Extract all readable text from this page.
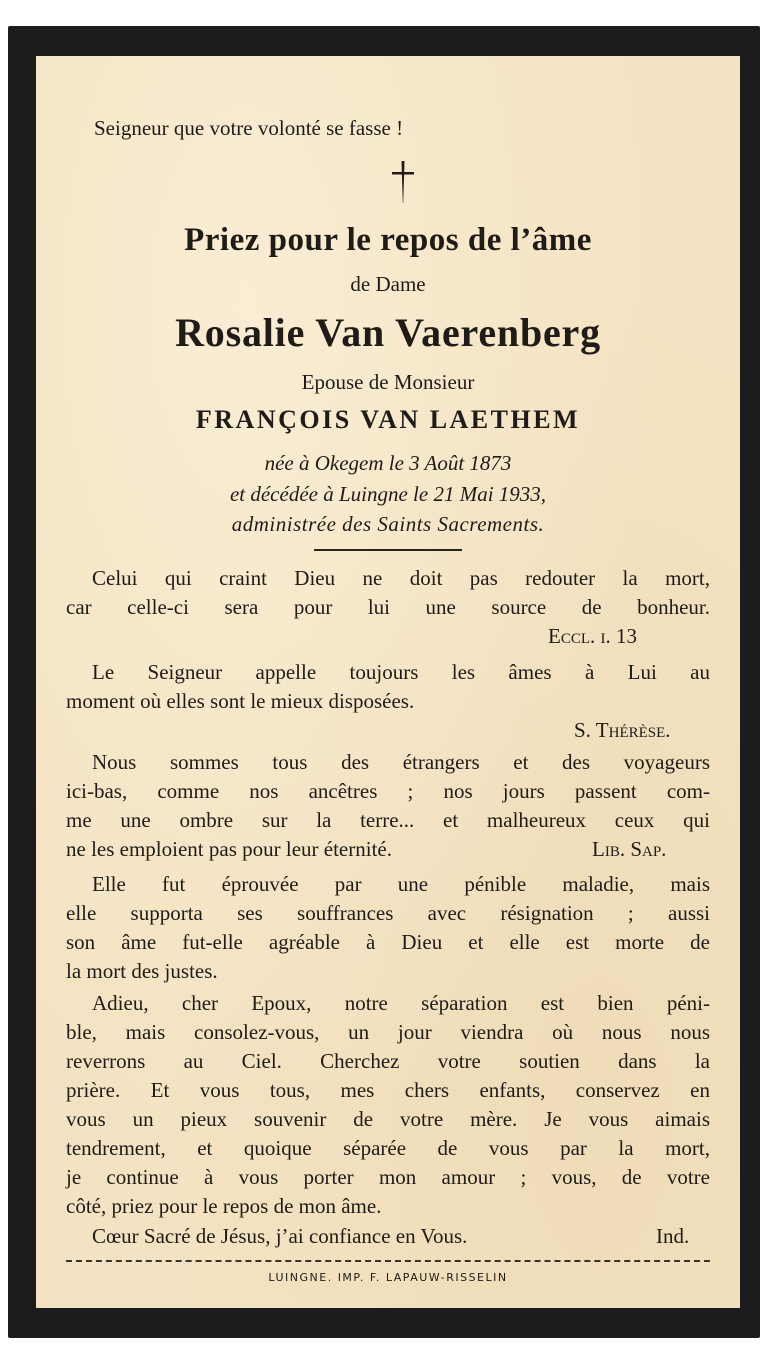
Seigneur que votre volonté se fasse !
Priez pour le repos de l’âme
de Dame
Rosalie Van Vaerenberg
Epouse de Monsieur
FRANÇOIS VAN LAETHEM
née à Okegem le 3 Août 1873
et décédée à Luingne le 21 Mai 1933,
administrée des Saints Sacrements.
Celui qui craint Dieu ne doit pas redouter la mort,
car celle-ci sera pour lui une source de bonheur.
Eccl. i. 13
Le Seigneur appelle toujours les âmes à Lui au
moment où elles sont le mieux disposées.
S. Thérèse.
Nous sommes tous des étrangers et des voyageurs
ici-bas, comme nos ancêtres ; nos jours passent com-
me une ombre sur la terre... et malheureux ceux qui
ne les emploient pas pour leur éternité.	Lib. Sap.
Elle fut éprouvée par une pénible maladie, mais
elle supporta ses souffrances avec résignation ; aussi
son âme fut-elle agréable à Dieu et elle est morte de
la mort des justes.
Adieu, cher Epoux, notre séparation est bien péni-
ble, mais consolez-vous, un jour viendra où nous nous
reverrons au Ciel. Cherchez votre soutien dans la
prière. Et vous tous, mes chers enfants, conservez en
vous un pieux souvenir de votre mère. Je vous aimais
tendrement, et quoique séparée de vous par la mort,
je continue à vous porter mon amour ; vous, de votre
côté, priez pour le repos de mon âme.
Cœur Sacré de Jésus, j’ai confiance en Vous.	Ind.
LUINGNE. IMP. F. LAPAUW-RISSELIN
